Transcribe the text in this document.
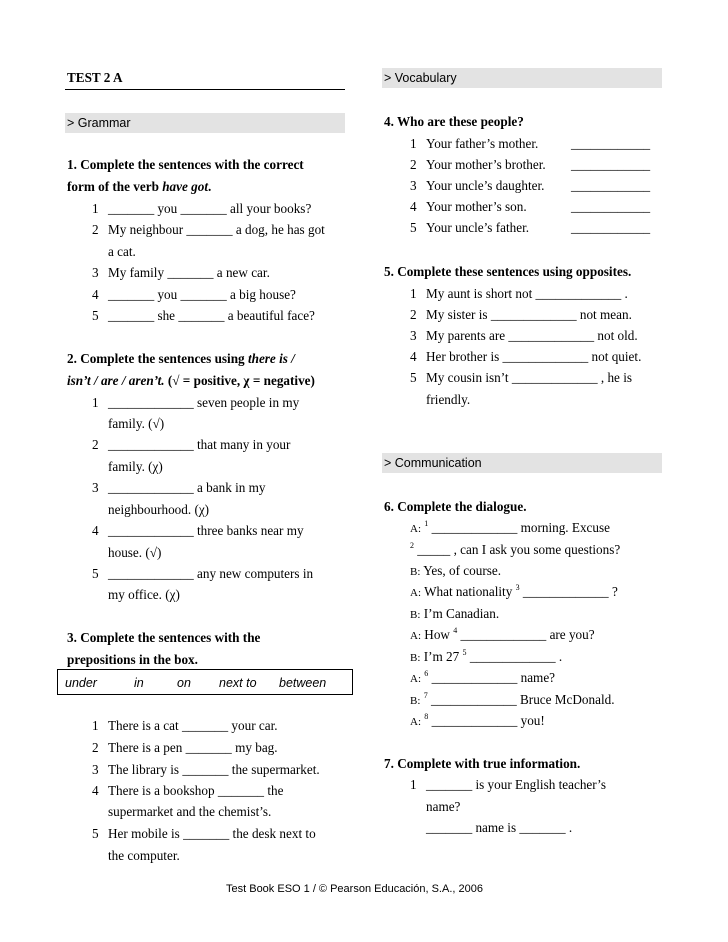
TEST 2 A
> Grammar
1. Complete the sentences with the correct
form of the verb have got.
1 _______ you _______ all your books?
2 My neighbour _______ a dog, he has got
a cat.
3 My family _______ a new car.
4 _______ you _______ a big house?
5 _______ she _______ a beautiful face?
2. Complete the sentences using there is /
isn’t / are / aren’t. (√ = positive, χ = negative)
1 _____________ seven people in my
family. (√)
2 _____________ that many in your
family. (χ)
3 _____________ a bank in my
neighbourhood. (χ)
4 _____________ three banks near my
house. (√)
5 _____________ any new computers in
my office. (χ)
3. Complete the sentences with the
prepositions in the box.
under	in	on next to between
1 There is a cat _______ your car.
2 There is a pen _______ my bag.
3 The library is _______ the supermarket.
4 There is a bookshop _______ the
supermarket and the chemist’s.
5 Her mobile is _______ the desk next to
the computer.
> Vocabulary
4. Who are these people?
1 Your father’s mother. ____________
2 Your mother’s brother. ____________
3 Your uncle’s daughter. ____________
4 Your mother’s son.	____________
5 Your uncle’s father.	____________
5. Complete these sentences using opposites.
1 My aunt is short not _____________ .
2 My sister is _____________ not mean.
3 My parents are _____________ not old.
4 Her brother is _____________ not quiet.
5 My cousin isn’t _____________ , he is
friendly.
> Communication
6. Complete the dialogue.
A: $^1$ _____________ morning. Excuse
$^2$ _____ , can I ask you some questions?
B: Yes, of course.
A: What nationality $^3$ _____________ ?
B: I’m Canadian.
A: How $^4$ _____________ are you?
B: I’m 27 $^5$ _____________ .
A: $^6$ _____________ name?
B: $^7$ _____________ Bruce McDonald.
A: $^8$ _____________ you!
7. Complete with true information.
1 _______ is your English teacher’s
name?
_______ name is _______ .
Test Book ESO 1 / © Pearson Educación, S.A., 2006
